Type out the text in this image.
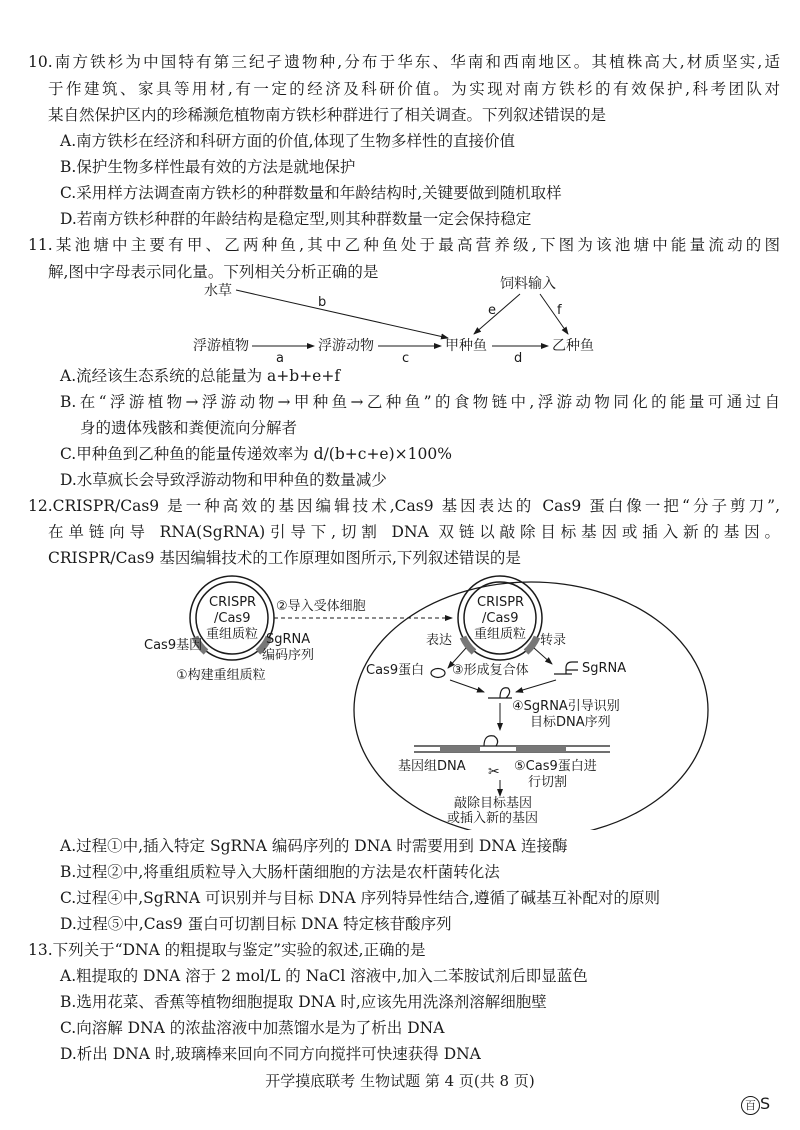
10.南方铁杉为中国特有第三纪孑遗物种,分布于华东、华南和西南地区。其植株高大,材质坚实,适
于作建筑、家具等用材,有一定的经济及科研价值。为实现对南方铁杉的有效保护,科考团队对
某自然保护区内的珍稀濒危植物南方铁杉种群进行了相关调查。下列叙述错误的是
A.南方铁杉在经济和科研方面的价值,体现了生物多样性的直接价值
B.保护生物多样性最有效的方法是就地保护
C.采用样方法调查南方铁杉的种群数量和年龄结构时,关键要做到随机取样
D.若南方铁杉种群的年龄结构是稳定型,则其种群数量一定会保持稳定
11.某池塘中主要有甲、乙两种鱼,其中乙种鱼处于最高营养级,下图为该池塘中能量流动的图
解,图中字母表示同化量。下列相关分析正确的是
水草	饲料输入
浮游植物	浮游动物	甲种鱼	乙种鱼
b
a	c	d
e	f
A.流经该生态系统的总能量为 a+b+e+f
B.在“浮游植物→浮游动物→甲种鱼→乙种鱼”的食物链中,浮游动物同化的能量可通过自
身的遗体残骸和粪便流向分解者
C.甲种鱼到乙种鱼的能量传递效率为 d/(b+c+e)×100%
D.水草疯长会导致浮游动物和甲种鱼的数量减少
12.CRISPR/Cas9 是一种高效的基因编辑技术,Cas9 基因表达的 Cas9 蛋白像一把“分子剪刀”,
在单链向导 RNA(SgRNA)引导下,切割 DNA 双链以敲除目标基因或插入新的基因。
CRISPR/Cas9 基因编辑技术的工作原理如图所示,下列叙述错误的是
CRISPR
/Cas9
重组质粒
Cas9基因	SgRNA
编码序列
①构建重组质粒
②导入受体细胞	CRISPR
/Cas9
重组质粒
表达	转录
Cas9蛋白 ③形成复合体	SgRNA
④SgRNA引导识别
目标DNA序列
基因组DNA ✂ ⑤Cas9蛋白进
行切割
敲除目标基因
或插入新的基因
A.过程①中,插入特定 SgRNA 编码序列的 DNA 时需要用到 DNA 连接酶
B.过程②中,将重组质粒导入大肠杆菌细胞的方法是农杆菌转化法
C.过程④中,SgRNA 可识别并与目标 DNA 序列特异性结合,遵循了碱基互补配对的原则
D.过程⑤中,Cas9 蛋白可切割目标 DNA 特定核苷酸序列
13.下列关于“DNA 的粗提取与鉴定”实验的叙述,正确的是
A.粗提取的 DNA 溶于 2 mol/L 的 NaCl 溶液中,加入二苯胺试剂后即显蓝色
B.选用花菜、香蕉等植物细胞提取 DNA 时,应该先用洗涤剂溶解细胞壁
C.向溶解 DNA 的浓盐溶液中加蒸馏水是为了析出 DNA
D.析出 DNA 时,玻璃棒来回向不同方向搅拌可快速获得 DNA
开学摸底联考 生物试题 第 4 页(共 8 页)
百 S
